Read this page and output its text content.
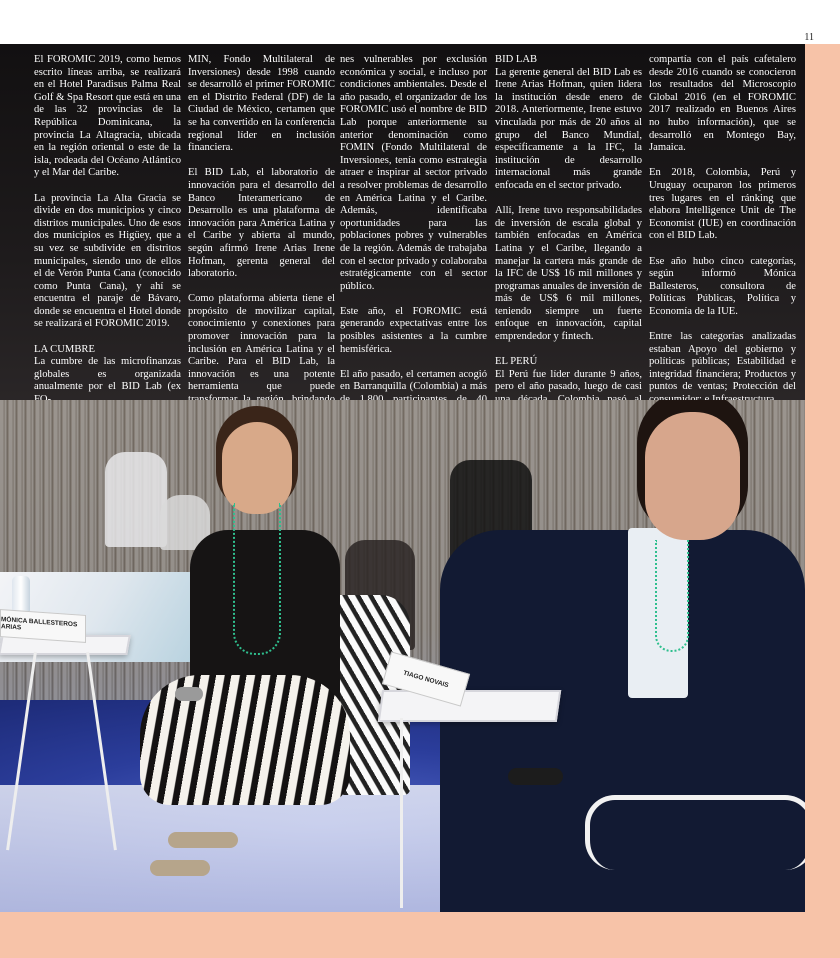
11

El FOROMIC 2019, como hemos escrito líneas arriba, se realizará en el Hotel Paradisus Palma Real Golf & Spa Resort que está en una de las 32 provincias de la República Dominicana, la provincia La Altagracia, ubicada en la región oriental o este de la isla, rodeada del Océano Atlántico y el Mar del Caribe.

La provincia La Alta Gracia se divide en dos municipios y cinco distritos municipales. Uno de esos dos municipios es Higüey, que a su vez se subdivide en distritos municipales, siendo uno de ellos el de Verón Punta Cana (conocido como Punta Cana), y ahí se encuentra el paraje de Bávaro, donde se encuentra el Hotel donde se realizará el FOROMIC 2019.

LA CUMBRE

La cumbre de las microfinanzas globales es organizada anualmente por el BID Lab (ex

MIN, Fondo Multilateral de Inversiones) desde 1998 cuando se desarrolló el primer FOROMIC en el Distrito Federal (DF) de la Ciudad de México, certamen que se ha convertido en la conferencia regional líder en inclusión financiera.

El BID Lab, el laboratorio de innovación para el desarrollo del Banco Interamericano de Desarrollo es una plataforma de innovación para América Latina y el Caribe y abierta al mundo, según afirmó Irene Arias Irene Hofman, gerenta general del laboratorio.

Como plataforma abierta tiene el propósito de movilizar capital, conocimiento y conexiones para promover innovación para la inclusión en América Latina y el Caribe. Para el BID Lab, la innovación es una potente herramienta que puede

nes vulnerables por exclusión económica y social, e incluso por condiciones ambientales. Desde el año pasado, el organizador de los FOROMIC usó el nombre de BID Lab porque anteriormente su anterior denominación como FOMIN (Fondo Multilateral de Inversiones, tenía como estrategia atraer e inspirar al sector privado a resolver problemas de desarrollo en América Latina y el Caribe. Además, identificaba oportunidades para las poblaciones pobres y vulnerables de la región. Además de trabajaba con el sector privado y colaboraba estratégicamente con el sector público.

Este año, el FOROMIC está generando expectativas entre los posibles asistentes a la cumbre hemisférica.

El año pasado, el certamen acogió en Barranquilla (Colombia) a más

BID LAB

La gerente general del BID Lab es Irene Arias Hofman, quien lidera la institución desde enero de 2018. Anteriormente, Irene estuvo vinculada por más de 20 años al grupo del Banco Mundial, específicamente a la IFC, la institución de desarrollo internacional más grande enfocada en el sector privado.

Allí, Irene tuvo responsabilidades de inversión de escala global y también enfocadas en América Latina y el Caribe, llegando a manejar la cartera más grande de la IFC de US$ 16 mil millones y programas anuales de inversión de más de US$ 6 mil millones, teniendo siempre un fuerte enfoque en innovación, capital emprendedor y fintech.

EL PERÚ

El Perú fue líder durante 9 años, pero el año pasado, luego de casi

compartía con el país cafetalero desde 2016 cuando se conocieron los resultados del Microscopio Global 2016 (en el FOROMIC 2017 realizado en Buenos Aires no hubo información), que se desarrolló en Montego Bay, Jamaica.

En 2018, Colombia, Perú y Uruguay ocuparon los primeros tres lugares en el ránking que elabora Intelligence Unit de The Economist (IUE) en coordinación con el BID Lab.

Ese año hubo cinco categorías, según informó Mónica Ballesteros, consultora de Políticas Públicas, Política y Economía de la IUE.

Entre las categorías analizadas estaban Apoyo del gobierno y políticas públicas; Estabilidad e integridad financiera; Productos y puntos de ventas; Protección del

MÓNICA BALLESTEROS ARIAS
TIAGO NOVAIS
